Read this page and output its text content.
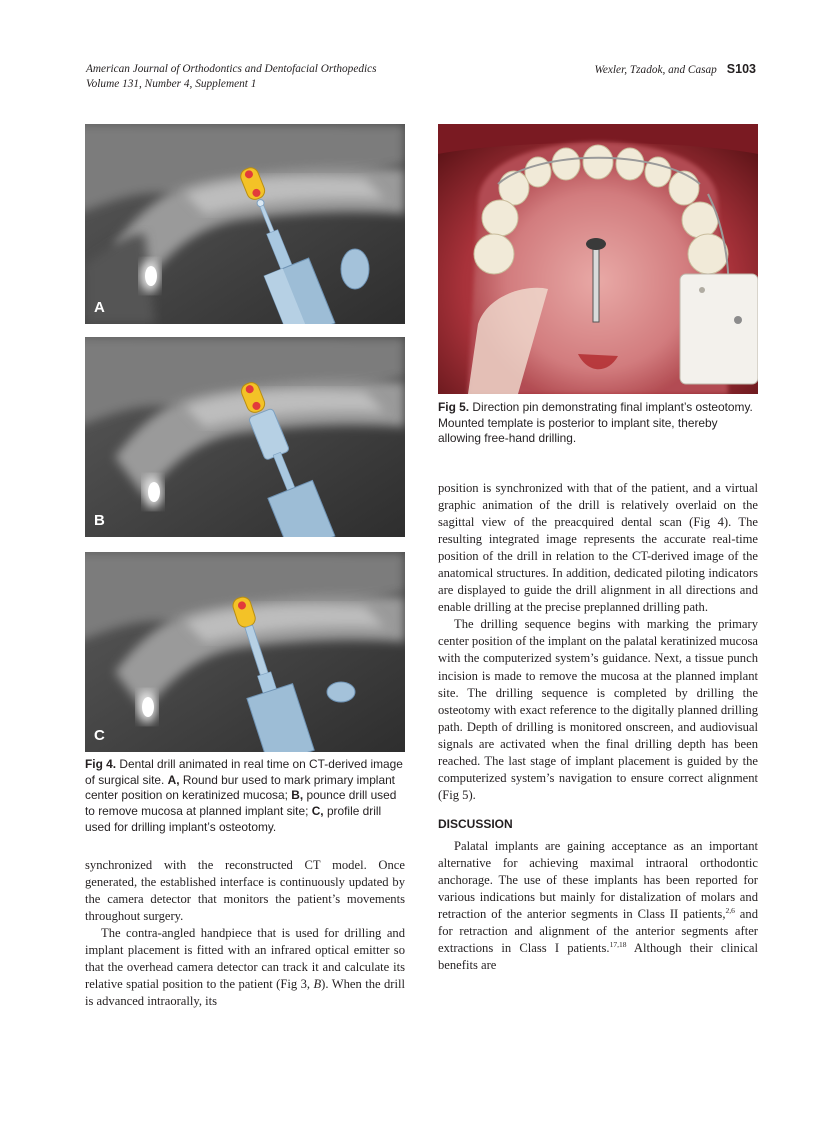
American Journal of Orthodontics and Dentofacial Orthopedics
Volume 131, Number 4, Supplement 1
Wexler, Tzadok, and Casap S103
A
B
C
Fig 4. Dental drill animated in real time on CT-derived image of surgical site. A, Round bur used to mark primary implant center position on keratinized mucosa; B, pounce drill used to remove mucosa at planned implant site; C, profile drill used for drilling implant’s osteotomy.
Fig 5. Direction pin demonstrating final implant’s osteotomy. Mounted template is posterior to implant site, thereby allowing free-hand drilling.

synchronized with the reconstructed CT model. Once generated, the established interface is continuously updated by the camera detector that monitors the patient’s movements throughout surgery.

The contra-angled handpiece that is used for drilling and implant placement is fitted with an infrared optical emitter so that the overhead camera detector can track it and calculate its relative spatial position to the patient (Fig 3, B). When the drill is advanced intraorally, its

position is synchronized with that of the patient, and a virtual graphic animation of the drill is relatively overlaid on the sagittal view of the preacquired dental scan (Fig 4). The resulting integrated image represents the accurate real-time position of the drill in relation to the CT-derived image of the anatomical structures. In addition, dedicated piloting indicators are displayed to guide the drill alignment in all directions and enable drilling at the precise preplanned drilling path.

The drilling sequence begins with marking the primary center position of the implant on the palatal keratinized mucosa with the computerized system’s guidance. Next, a tissue punch incision is made to remove the mucosa at the planned implant site. The drilling sequence is completed by drilling the osteotomy with exact reference to the digitally planned drilling path. Depth of drilling is monitored onscreen, and audiovisual signals are activated when the final drilling depth has been reached. The last stage of implant placement is guided by the computerized system’s navigation to ensure correct alignment (Fig 5).

DISCUSSION

Palatal implants are gaining acceptance as an important alternative for achieving maximal intraoral orthodontic anchorage. The use of these implants has been reported for various indications but mainly for distalization of molars and retraction of the anterior segments in Class II patients,$^{2,6}$ and for retraction and alignment of the anterior segments after extractions in Class I patients.$^{17,18}$ Although their clinical benefits are
